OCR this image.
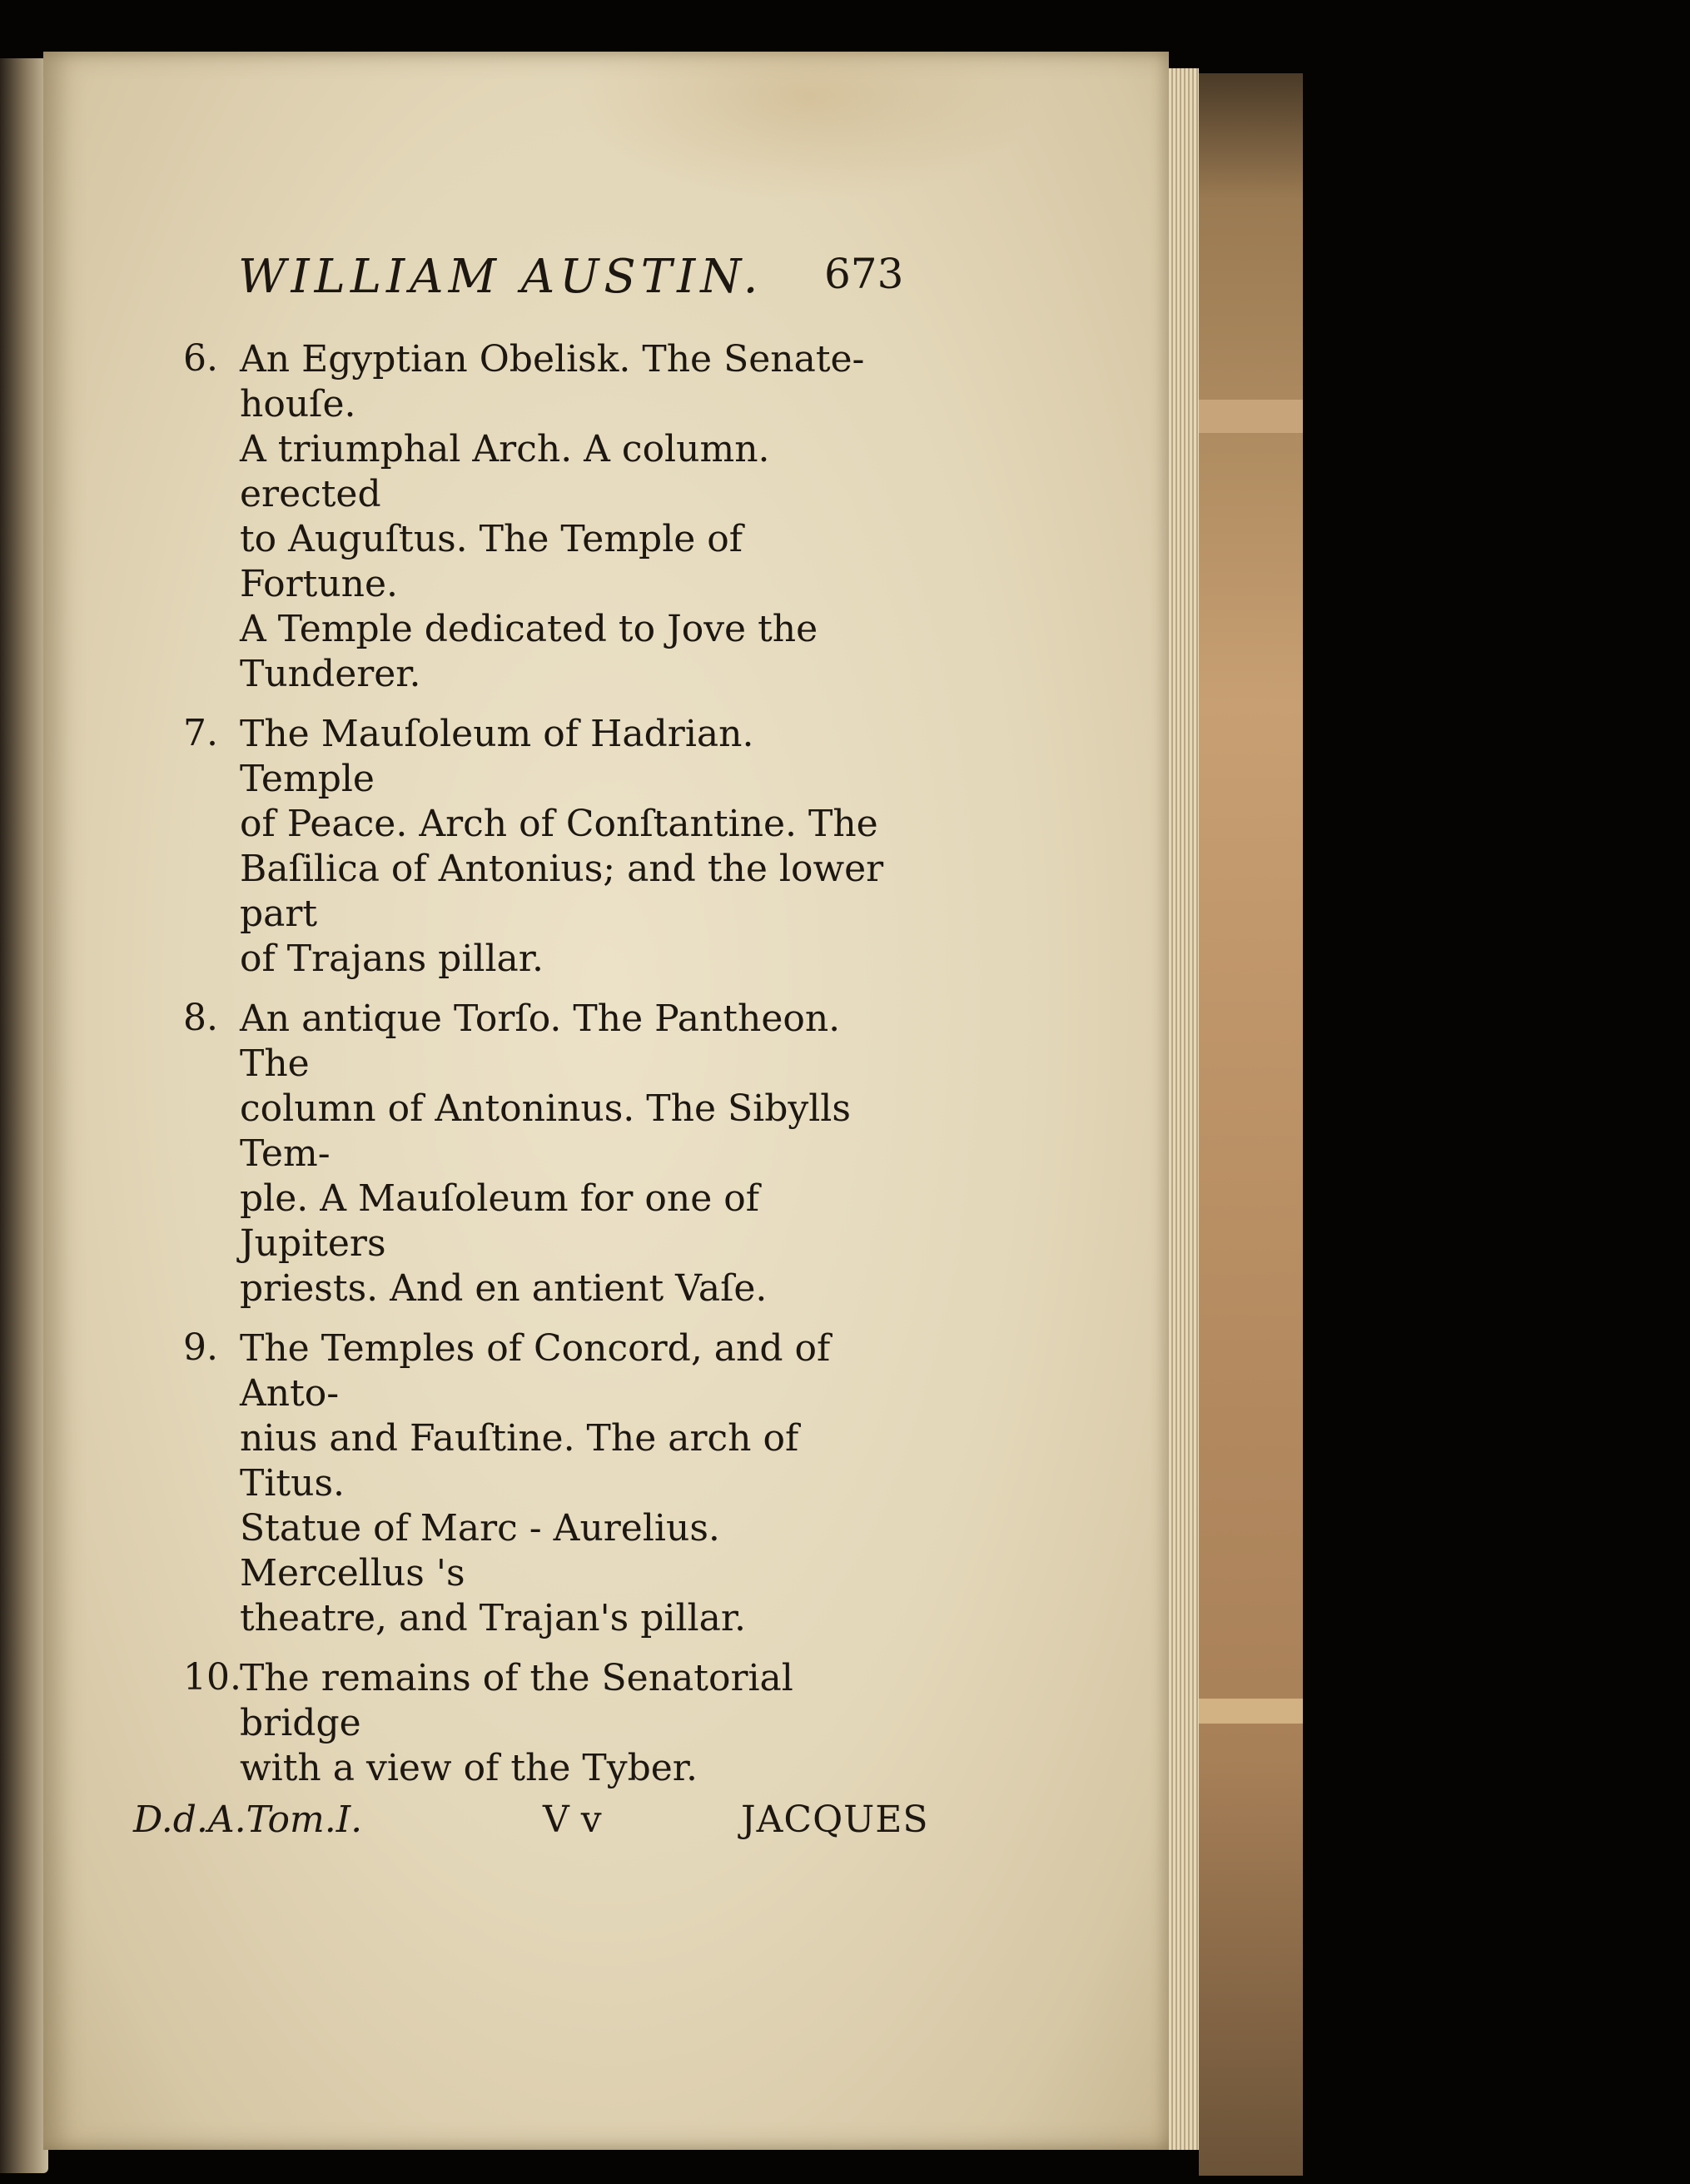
WILLIAM AUSTIN. 673
6. An Egyptian Obelisk. The Senate-houſe.
A triumphal Arch. A column. erected
to Auguſtus. The Temple of Fortune.
A Temple dedicated to Jove the Tunderer.
7. The Mauſoleum of Hadrian. Temple
of Peace. Arch of Conſtantine. The
Baſilica of Antonius; and the lower part
of Trajans pillar.
8. An antique Torſo. The Pantheon. The
column of Antoninus. The Sibylls Tem-
ple. A Mauſoleum for one of Jupiters
priests. And en antient Vaſe.
9. The Temples of Concord, and of Anto-
nius and Fauſtine. The arch of Titus.
Statue of Marc - Aurelius. Mercellus 's
theatre, and Trajan's pillar.
10.
The remains of the Senatorial bridge
with a view of the Tyber.
D.d.A.Tom.I.	V v	JACQUES
